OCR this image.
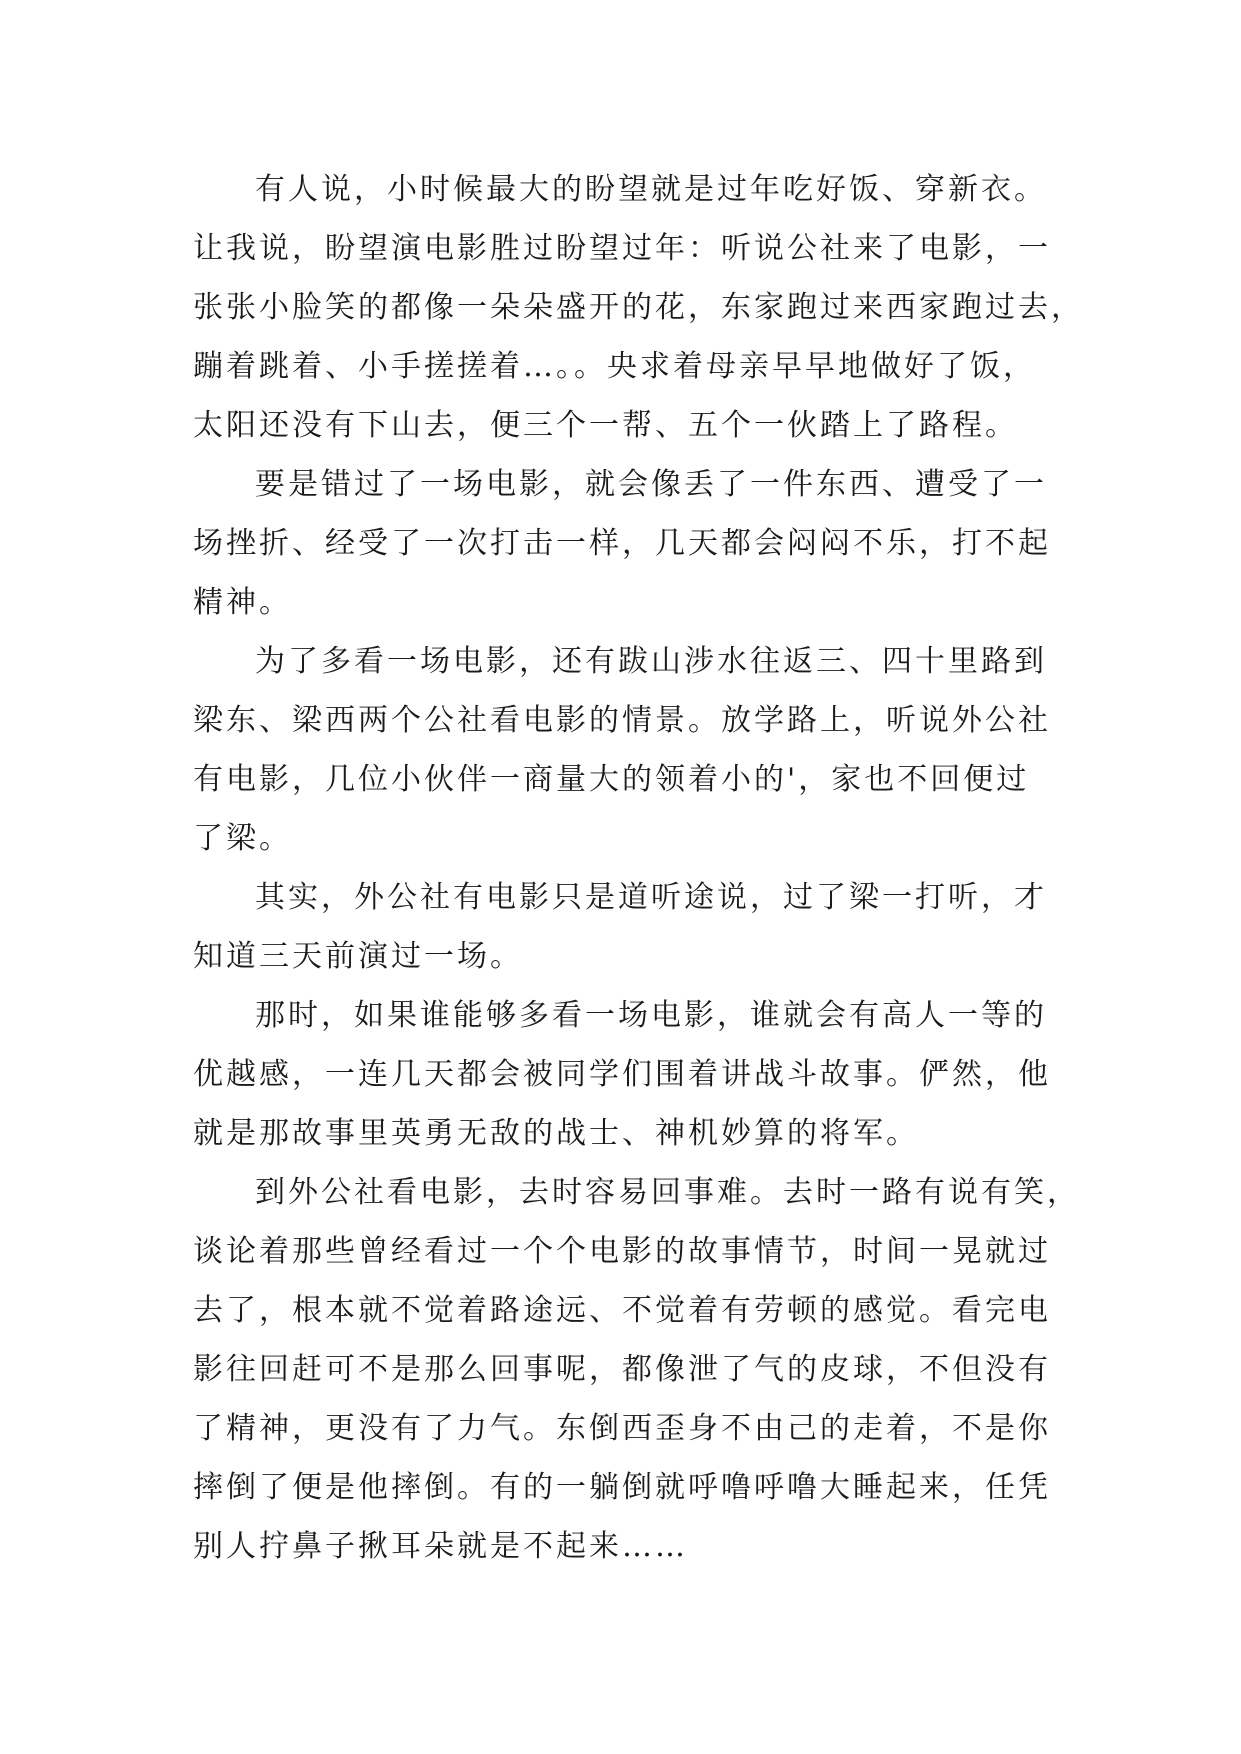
有人说，小时候最大的盼望就是过年吃好饭、穿新衣。
让我说，盼望演电影胜过盼望过年：听说公社来了电影，一
张张小脸笑的都像一朵朵盛开的花，东家跑过来西家跑过去，
蹦着跳着、小手搓搓着…。。央求着母亲早早地做好了饭，
太阳还没有下山去，便三个一帮、五个一伙踏上了路程。
要是错过了一场电影，就会像丢了一件东西、遭受了一
场挫折、经受了一次打击一样，几天都会闷闷不乐，打不起
精神。
为了多看一场电影，还有跋山涉水往返三、四十里路到
梁东、梁西两个公社看电影的情景。放学路上，听说外公社
有电影，几位小伙伴一商量大的领着小的'，家也不回便过
了梁。
其实，外公社有电影只是道听途说，过了梁一打听，才
知道三天前演过一场。
那时，如果谁能够多看一场电影，谁就会有高人一等的
优越感，一连几天都会被同学们围着讲战斗故事。俨然，他
就是那故事里英勇无敌的战士、神机妙算的将军。
到外公社看电影，去时容易回事难。去时一路有说有笑，
谈论着那些曾经看过一个个电影的故事情节，时间一晃就过
去了，根本就不觉着路途远、不觉着有劳顿的感觉。看完电
影往回赶可不是那么回事呢，都像泄了气的皮球，不但没有
了精神，更没有了力气。东倒西歪身不由己的走着，不是你
摔倒了便是他摔倒。有的一躺倒就呼噜呼噜大睡起来，任凭
别人拧鼻子揪耳朵就是不起来……
